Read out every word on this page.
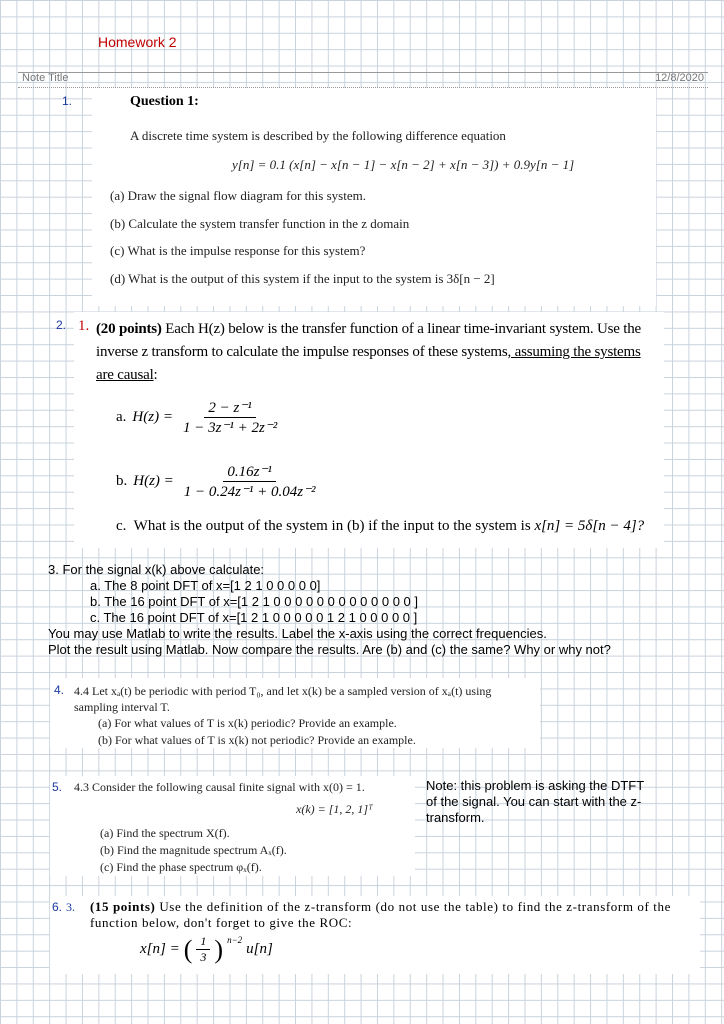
Homework 2
Note Title	12/8/2020
1.	Question 1:
A discrete time system is described by the following difference equation
y[n] = 0.1 (x[n] − x[n − 1] − x[n − 2] + x[n − 3]) + 0.9y[n − 1]
(a) Draw the signal flow diagram for this system.
(b) Calculate the system transfer function in the z domain
(c) What is the impulse response for this system?
(d) What is the output of this system if the input to the system is 3δ[n − 2]
2. 1. (20 points) Each H(z) below is the transfer function of a linear time-invariant system. Use the inverse z transform to calculate the impulse responses of these systems, assuming the systems are causal:
a. $H(z) = \frac{\text{2 − z⁻¹}}{\text{1 − 3z⁻¹ + 2z⁻²}}$
b. $H(z) = \frac{\text{0.16z⁻¹}}{\text{1 − 0.24z⁻¹ + 0.04z⁻²}}$
c. What is the output of the system in (b) if the input to the system is x[n] = 5δ[n − 4]?
3. For the signal x(k) above calculate:
a. The 8 point DFT of x=[1 2 1 0 0 0 0 0]
b. The 16 point DFT of x=[1 2 1 0 0 0 0 0 0 0 0 0 0 0 0 0 ]
c. The 16 point DFT of x=[1 2 1 0 0 0 0 0 1 2 1 0 0 0 0 0 ]
You may use Matlab to write the results. Label the x-axis using the correct frequencies.
Plot the result using Matlab. Now compare the results. Are (b) and (c) the same? Why or why not?
4. 4.4 Let xₐ(t) be periodic with period T₀, and let x(k) be a sampled version of xₐ(t) using sampling interval T.
(a) For what values of T is x(k) periodic? Provide an example.
(b) For what values of T is x(k) not periodic? Provide an example.
5. 4.3 Consider the following causal finite signal with x(0) = 1.
x(k) = [1, 2, 1]ᵀ
(a) Find the spectrum X(f).
(b) Find the magnitude spectrum Aₓ(f).
(c) Find the phase spectrum φₓ(f).
Note: this problem is asking the DTFT of the signal. You can start with the z-transform.
6. 3. (15 points) Use the definition of the z-transform (do not use the table) to find the z-transform of the function below, don't forget to give the ROC:
x[n] = ( $\frac{1}{3}$ ) $^{n-2}$
u[n]
